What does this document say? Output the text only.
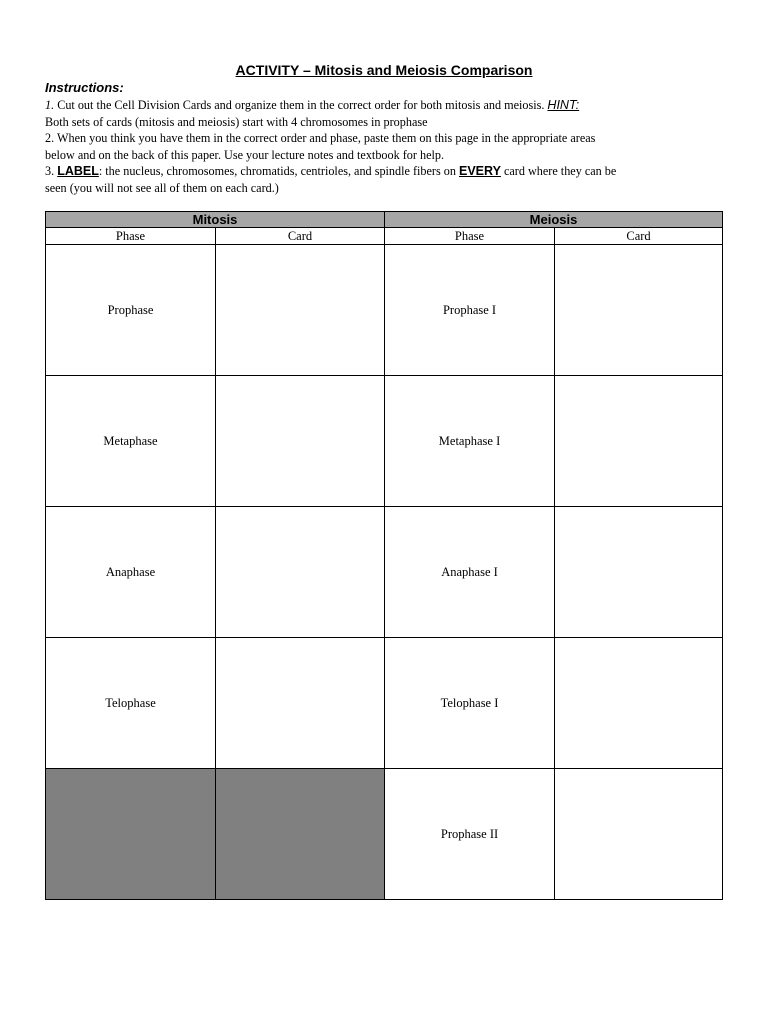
ACTIVITY – Mitosis and Meiosis Comparison
Instructions:
1. Cut out the Cell Division Cards and organize them in the correct order for both mitosis and meiosis. HINT:
Both sets of cards (mitosis and meiosis) start with 4 chromosomes in prophase
2. When you think you have them in the correct order and phase, paste them on this page in the appropriate areas
below and on the back of this paper. Use your lecture notes and textbook for help.
3. LABEL: the nucleus, chromosomes, chromatids, centrioles, and spindle fibers on EVERY card where they can be
seen (you will not see all of them on each card.)
Mitosis		Meiosis	
Phase	Card	Phase	Card
Prophase		Prophase I	
Metaphase		Metaphase I	
Anaphase		Anaphase I	
Telophase		Telophase I	
		Prophase II	
